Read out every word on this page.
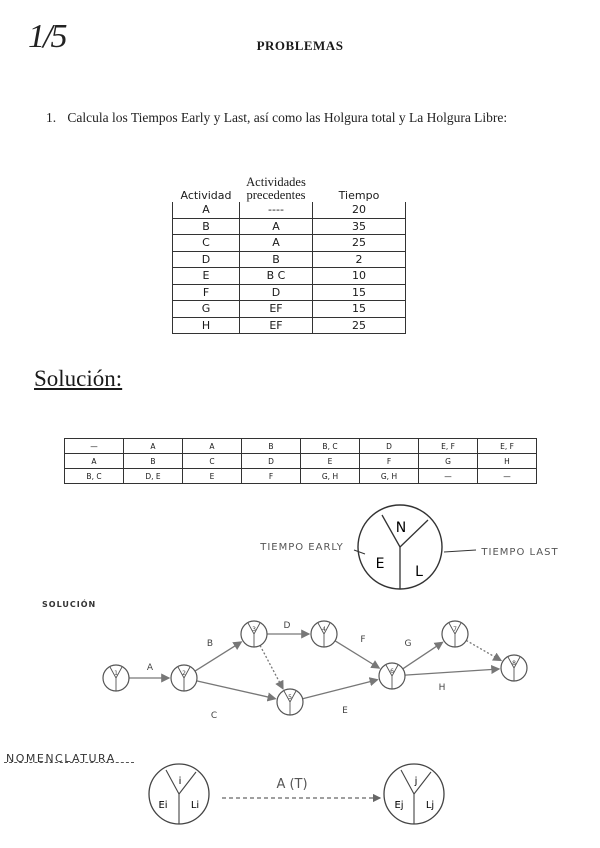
1/5	PROBLEMAS
1. Calcula los Tiempos Early y Last, así como las Holgura total y La Holgura Libre:
Actividad	Actividades precedentes	Tiempo
A	----	20
B	A	35
C	A	25
D	B	2
E	B C	10
F	D	15
G	EF	15
H	EF	25
Solución:
—	A	A	B	B, C	D	E, F	E, F
A	B	C	D	E	F	G	H
B, C	D, E	E	F	G, H	G, H	—	—
N
E L
TIEMPO EARLY	TIEMPO LAST
SOLUCIÓN
A
B
C
D
F
E
G
H
1	2
3	4
5
6
7
8
NOMENCLATURA
i
Ei Li
A (T)	j
Ej Lj
